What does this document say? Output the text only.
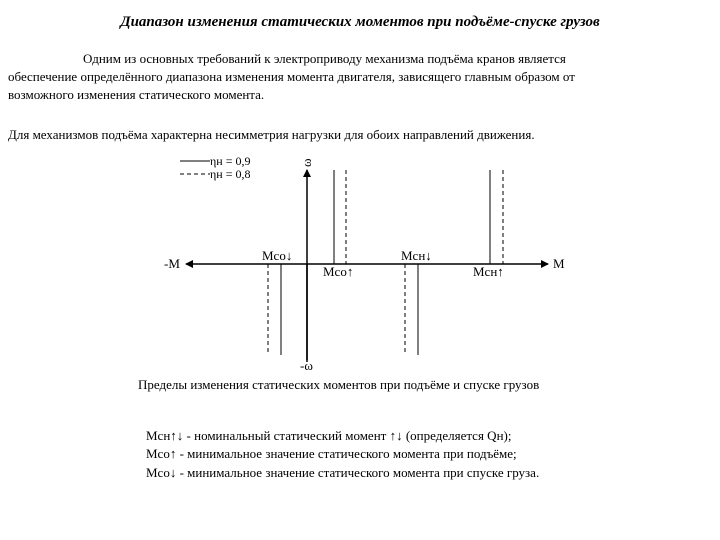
Диапазон изменения статических моментов при подъёме-спуске грузов
Одним из основных требований к электроприводу механизма подъёма кранов является
обеспечение определённого диапазона изменения момента двигателя, зависящего главным образом от
возможного изменения статического момента.
Для механизмов подъёма характерна несимметрия нагрузки для обоих направлений движения.
ηн = 0,9
ηн = 0,8
ω
-ω
M
-M
Mco↓
Mco↑
Mcн↓
Mcн↑
Пределы изменения статических моментов при подъёме и спуске грузов
Mcн↑↓ - номинальный статический момент ↑↓ (определяется Qн);
Mco↑ - минимальное значение статического момента при подъёме;
Mco↓ - минимальное значение статического момента при спуске груза.
